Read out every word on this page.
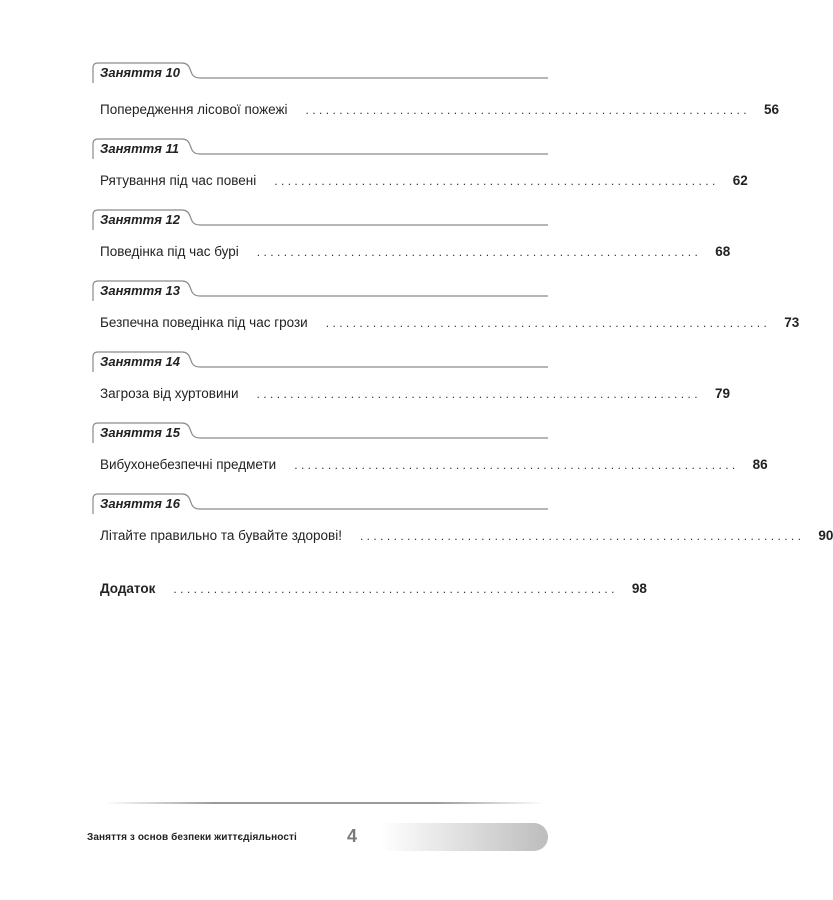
Заняття 10
Попередження лісової пожежі .................................................................. 56
Заняття 11
Рятування під час повені .................................................................. 62
Заняття 12
Поведінка під час бурі .................................................................. 68
Заняття 13
Безпечна поведінка під час грози .................................................................. 73
Заняття 14
Загроза від хуртовини .................................................................. 79
Заняття 15
Вибухонебезпечні предмети .................................................................. 86
Заняття 16
Літайте правильно та бувайте здорові! .................................................................. 90
Додаток .................................................................. 98
Заняття з основ безпеки життєдіяльності	4
